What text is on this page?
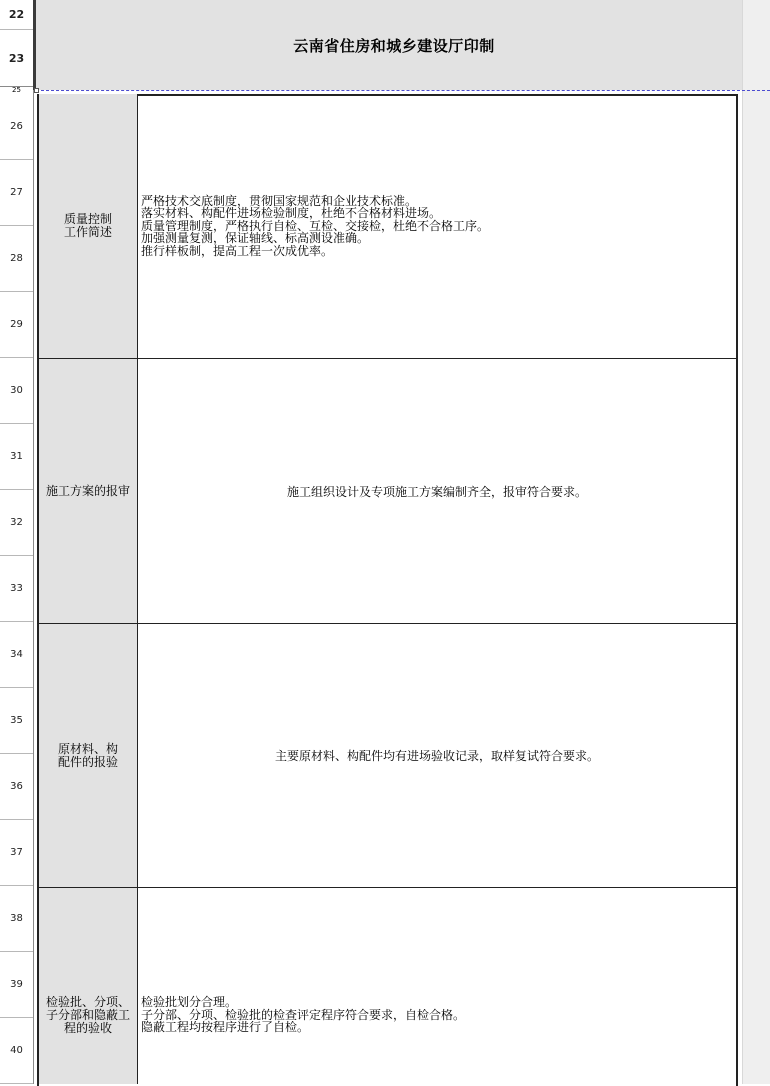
22
23
25
26
27
28
29
30
31
32
33
34
35
36
37
38
39
40
云南省住房和城乡建设厅印制
质量控制
工作简述
严格技术交底制度，贯彻国家规范和企业技术标准。
落实材料、构配件进场检验制度，杜绝不合格材料进场。
质量管理制度，严格执行自检、互检、交接检，杜绝不合格工序。
加强测量复测，保证轴线、标高测设准确。
推行样板制，提高工程一次成优率。
施工方案的报审	施工组织设计及专项施工方案编制齐全，报审符合要求。
原材料、构
配件的报验	主要原材料、构配件均有进场验收记录，取样复试符合要求。
检验批、分项、
子分部和隐蔽工
程的验收
检验批划分合理。
子分部、分项、检验批的检查评定程序符合要求，自检合格。
隐蔽工程均按程序进行了自检。
